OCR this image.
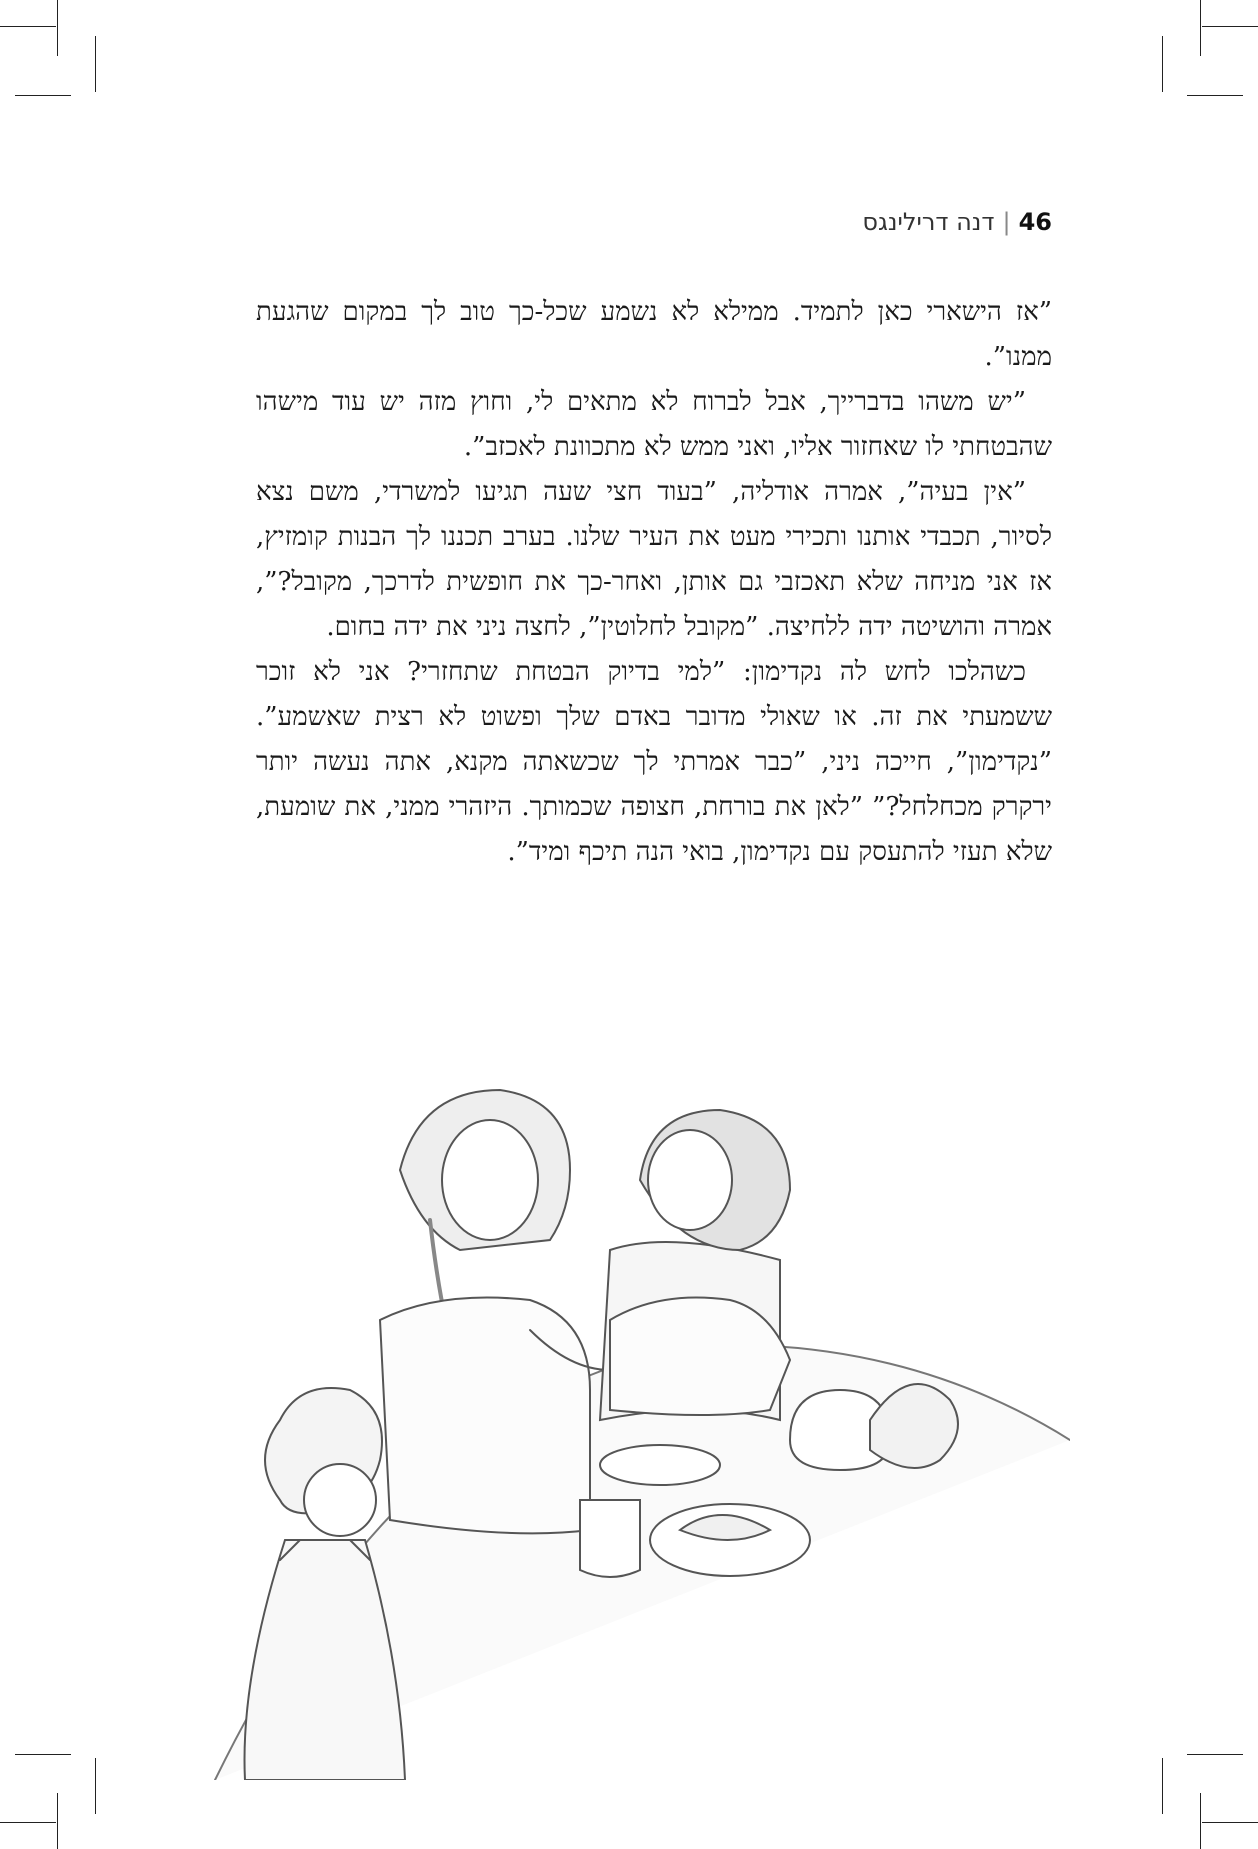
46|דנה דרילינגס

”אז הישארי כאן לתמיד. ממילא לא נשמע שכל-כך טוב לך במקום שהגעת ממנו”.

”יש משהו בדברייך, אבל לברוח לא מתאים לי, וחוץ מזה יש עוד מישהו שהבטחתי לו שאחזור אליו, ואני ממש לא מתכוונת לאכזב”.

”אין בעיה”, אמרה אודליה, ”בעוד חצי שעה תגיעו למשרדי, משם נצא לסיור, תכבדי אותנו ותכירי מעט את העיר שלנו. בערב תכננו לך הבנות קומזיץ, אז אני מניחה שלא תאכזבי גם אותן, ואחר-כך את חופשית לדרכך, מקובל?”, אמרה והושיטה ידה ללחיצה. ”מקובל לחלוטין”, לחצה ניני את ידה בחום.

כשהלכו לחש לה נקדימון: ”למי בדיוק הבטחת שתחזרי? אני לא זוכר ששמעתי את זה. או שאולי מדובר באדם שלך ופשוט לא רצית שאשמע”. ”נקדימון”, חייכה ניני, ”כבר אמרתי לך שכשאתה מקנא, אתה נעשה יותר ירקרק מכחלחל?” ”לאן את בורחת, חצופה שכמותך. היזהרי ממני, את שומעת, שלא תעזי להתעסק עם נקדימון, בואי הנה תיכף ומיד”.
